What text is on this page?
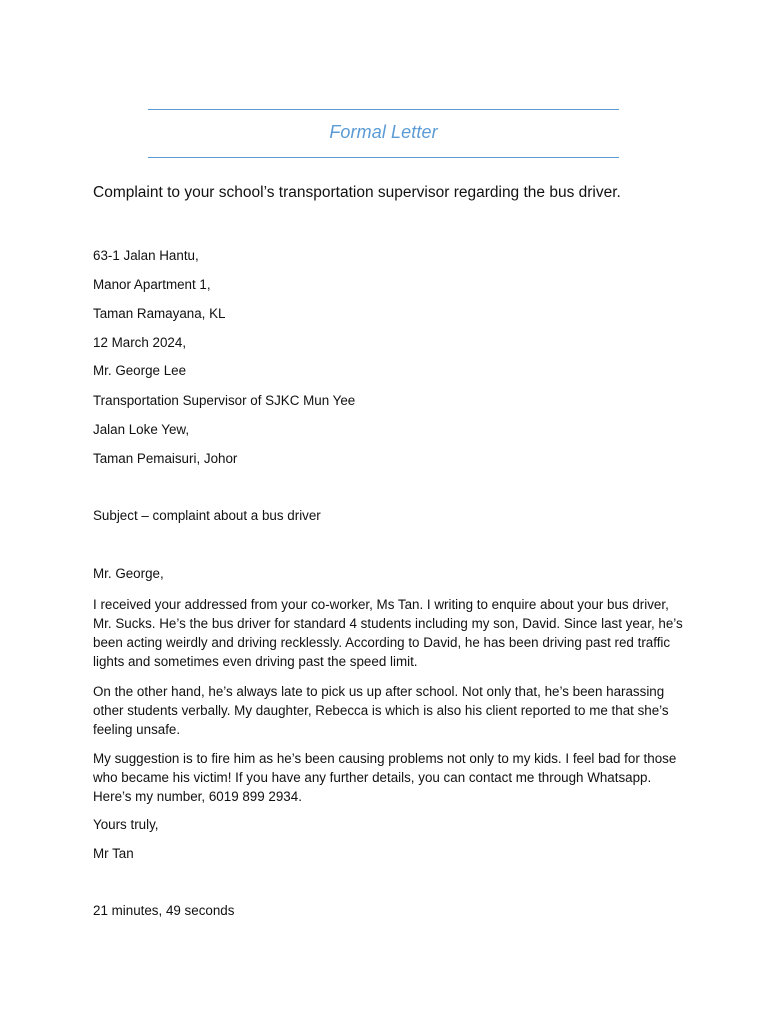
Formal Letter
Complaint to your school’s transportation supervisor regarding the bus driver.
63-1 Jalan Hantu,
Manor Apartment 1,
Taman Ramayana, KL
12 March 2024,
Mr. George Lee
Transportation Supervisor of SJKC Mun Yee
Jalan Loke Yew,
Taman Pemaisuri, Johor
Subject – complaint about a bus driver
Mr. George,
I received your addressed from your co-worker, Ms Tan. I writing to enquire about your bus driver, Mr. Sucks. He’s the bus driver for standard 4 students including my son, David. Since last year, he’s been acting weirdly and driving recklessly. According to David, he has been driving past red traffic lights and sometimes even driving past the speed limit.
On the other hand, he’s always late to pick us up after school. Not only that, he’s been harassing other students verbally. My daughter, Rebecca is which is also his client reported to me that she’s feeling unsafe.
My suggestion is to fire him as he’s been causing problems not only to my kids. I feel bad for those who became his victim! If you have any further details, you can contact me through Whatsapp. Here’s my number, 6019 899 2934.
Yours truly,
Mr Tan
21 minutes, 49 seconds
